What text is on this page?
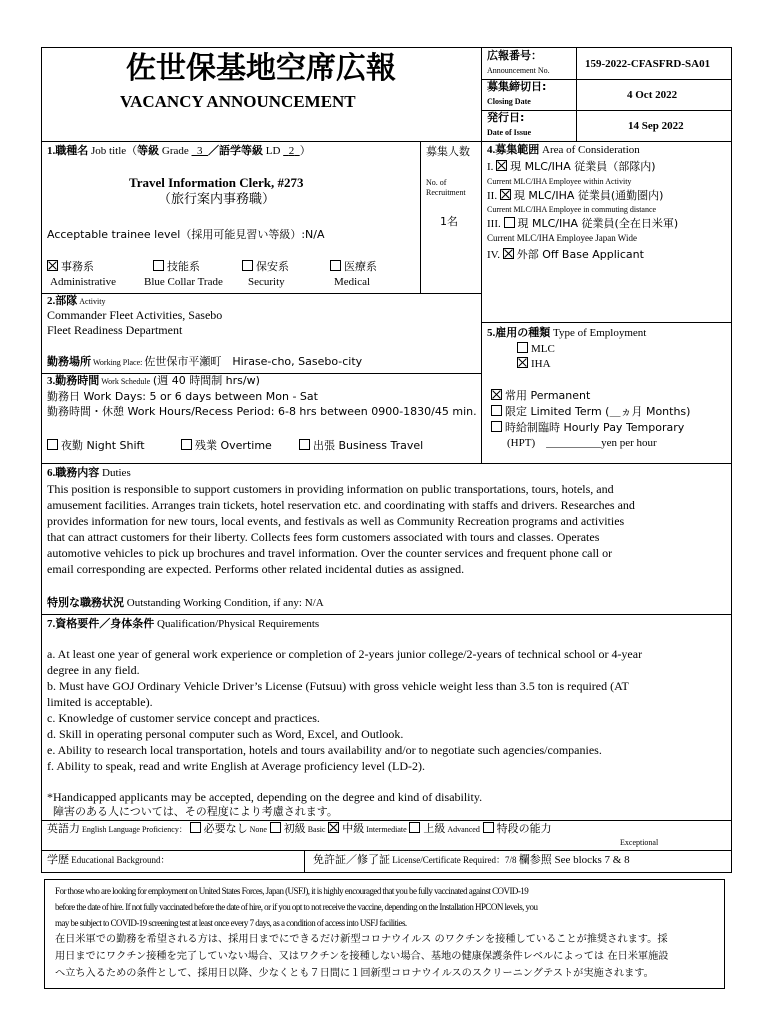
佐世保基地空席広報
VACANCY ANNOUNCEMENT
広報番号：
Announcement No.
159-2022-CFASFRD-SA01
募集締切日:
Closing Date
4 Oct 2022
発行日:
Date of Issue
14 Sep 2022
1.職種名 Job title（等級 Grade   3 ／語学等級 LD   2 ）
Travel Information Clerk, #273
（旅行案内事務職）
Acceptable trainee level（採用可能見習い等級）:N/A
事務系
Administrative
技能系
Blue Collar Trade
保安系
Security
医療系
Medical
募集人数
No. of
Recruitment
1名
4.募集範囲 Area of Consideration
I. 現 MLC/IHA 従業員（部隊内)
Current MLC/IHA Employee within Activity
II. 現 MLC/IHA 従業員(通勤圏内)
Current MLC/IHA Employee in commuting distance
III. 現 MLC/IHA 従業員(全在日米軍)
Current MLC/IHA Employee Japan Wide
IV. 外部 Off Base Applicant
2.部隊 Activity
Commander Fleet Activities, Sasebo
Fleet Readiness Department
勤務場所 Working Place: 佐世保市平瀬町　Hirase-cho, Sasebo-city
5.雇用の種類 Type of Employment
MLC
IHA
常用 Permanent
限定 Limited Term (＿ヵ月 Months)
時給制臨時 Hourly Pay Temporary
(HPT)　__________yen per hour
3.勤務時間 Work Schedule (週 40 時間制 hrs/w)
勤務日 Work Days: 5 or 6 days between Mon - Sat
勤務時間・休憩 Work Hours/Recess Period: 6-8 hrs between 0900-1830/45 min.
夜勤 Night Shift	残業 Overtime	出張 Business Travel
6.職務内容 Duties
This position is responsible to support customers in providing information on public transportations, tours, hotels, and
amusement facilities. Arranges train tickets, hotel reservation etc. and coordinating with staffs and drivers. Researches and
provides information for new tours, local events, and festivals as well as Community Recreation programs and activities
that can attract customers for their liberty. Collects fees form customers associated with tours and classes. Operates
automotive vehicles to pick up brochures and travel information. Over the counter services and frequent phone call or
email corresponding are expected. Performs other related incidental duties as assigned.
特別な職務状況 Outstanding Working Condition, if any: N/A
7.資格要件／身体条件 Qualification/Physical Requirements
a. At least one year of general work experience or completion of 2-years junior college/2-years of technical school or 4-year
degree in any field.
b. Must have GOJ Ordinary Vehicle Driver’s License (Futsuu) with gross vehicle weight less than 3.5 ton is required (AT
limited is acceptable).
c. Knowledge of customer service concept and practices.
d. Skill in operating personal computer such as Word, Excel, and Outlook.
e. Ability to research local transportation, hotels and tours availability and/or to negotiate such agencies/companies.
f. Ability to speak, read and write English at Average proficiency level (LD-2).
*Handicapped applicants may be accepted, depending on the degree and kind of disability.
障害のある人については、その程度により考慮されます。
英語力 English Language Proficiency： 必要なし None 初級 Basic 中級 Intermediate 上級 Advanced 特段の能力
Exceptional
学歴 Educational Background：	免許証／修了証 License/Certificate Required：7/8 欄参照 See blocks 7 & 8
For those who are looking for employment on United States Forces, Japan (USFJ), it is highly encouraged that you be fully vaccinated against COVID-19
before the date of hire. If not fully vaccinated before the date of hire, or if you opt to not receive the vaccine, depending on the Installation HPCON levels, you
may be subject to COVID-19 screening test at least once every 7 days, as a condition of access into USFJ facilities.
在日米軍での勤務を希望される方は、採用日までにできるだけ新型コロナウイルス のワクチンを接種していることが推奨されます。採
用日までにワクチン接種を完了していない場合、又はワクチンを接種しない場合、基地の健康保護条件レベルによっては 在日米軍施設
へ立ち入るための条件として、採用日以降、少なくとも７日間に１回新型コロナウイルスのスクリーニングテストが実施されます。
